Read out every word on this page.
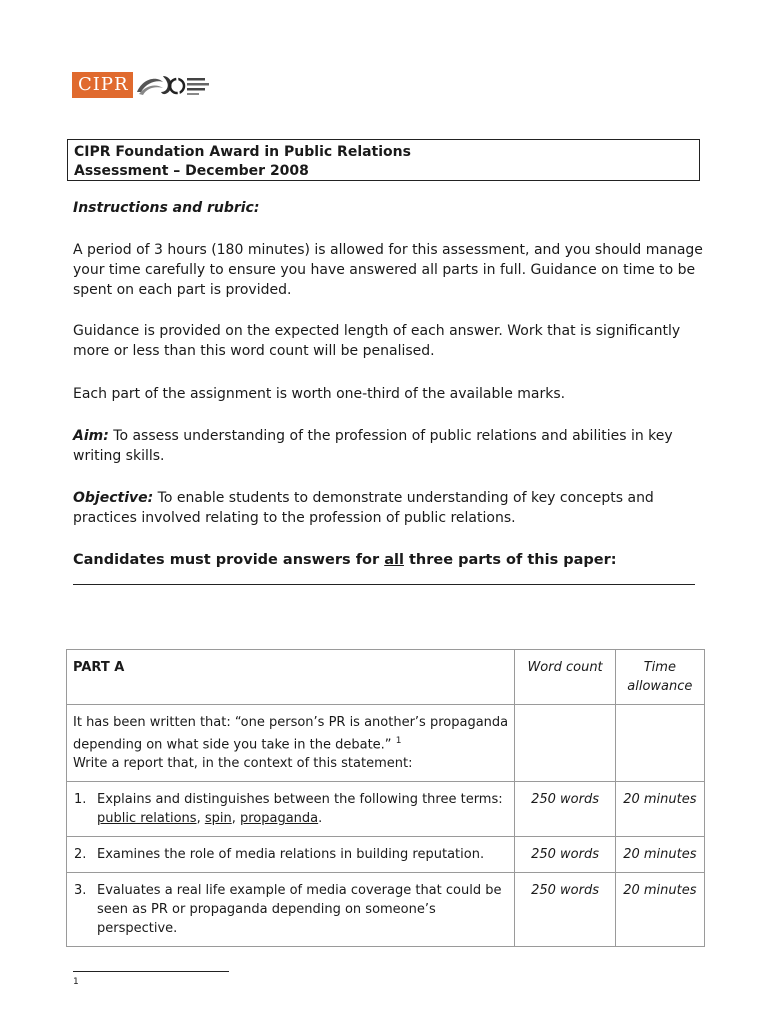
CIPR
CIPR Foundation Award in Public Relations
Assessment – December 2008

Instructions and rubric:

A period of 3 hours (180 minutes) is allowed for this assessment, and you should manage your time carefully to ensure you have answered all parts in full. Guidance on time to be spent on each part is provided.

Guidance is provided on the expected length of each answer. Work that is significantly more or less than this word count will be penalised.

Each part of the assignment is worth one-third of the available marks.

Aim: To assess understanding of the profession of public relations and abilities in key writing skills.

Objective: To enable students to demonstrate understanding of key concepts and practices involved relating to the profession of public relations.

Candidates must provide answers for all three parts of this paper:

PART A	Word count	Time allowance
It has been written that: “one person’s PR is another’s propaganda depending on what side you take in the debate.” $^1$
Write a report that, in the context of this statement:		

1. Explains and distinguishes between the following three terms: public relations, spin, propaganda.	250 words	20 minutes

2. Examines the role of media relations in building reputation.	250 words	20 minutes

3. Evaluates a real life example of media coverage that could be seen as PR or propaganda depending on someone’s perspective.	250 words	20 minutes
1
